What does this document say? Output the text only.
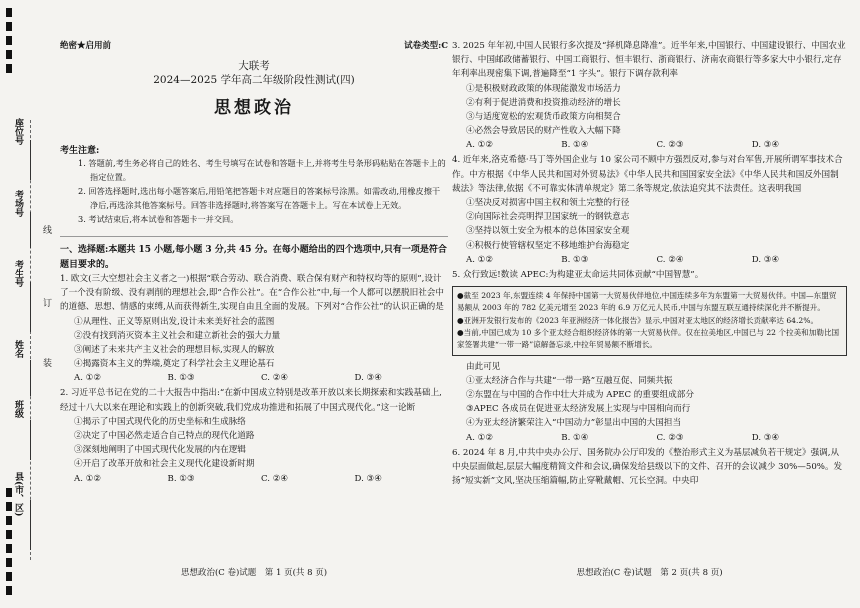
座位号
考场号
考生号
姓名
班级
县(市、区)
线
订
装
绝密★启用前	试卷类型:C
大联考
2024—2025 学年高二年级阶段性测试(四)
思想政治
考生注意:
1. 答题前,考生务必将自己的姓名、考生号填写在试卷和答题卡上,并将考生号条形码粘贴在答题卡上的指定位置。
2. 回答选择题时,选出每小题答案后,用铅笔把答题卡对应题目的答案标号涂黑。如需改动,用橡皮擦干净后,再选涂其他答案标号。回答非选择题时,将答案写在答题卡上。写在本试卷上无效。
3. 考试结束后,将本试卷和答题卡一并交回。
一、选择题:本题共 15 小题,每小题 3 分,共 45 分。在每小题给出的四个选项中,只有一项是符合题目要求的。
1. 欧文(三大空想社会主义者之一)根据“联合劳动、联合消费、联合保有财产和特权均等的原则”,设计了一个没有阶级、没有剥削的理想社会,即“合作公社”。在“合作公社”中,每一个人都可以摆脱旧社会中的道德、思想、情感的束缚,从而获得新生,实现自由且全面的发展。下列对“合作公社”的认识正确的是
①从理性、正义等原则出发,设计未来美好社会的蓝图
②没有找到消灭资本主义社会和建立新社会的强大力量
③阐述了未来共产主义社会的理想目标,实现人的解放
④揭露资本主义的弊端,奠定了科学社会主义理论基石
A. ①②	B. ①③	C. ②④	D. ③④
2. 习近平总书记在党的二十大报告中指出:“在新中国成立特别是改革开放以来长期探索和实践基础上,经过十八大以来在理论和实践上的创新突破,我们党成功推进和拓展了中国式现代化。”这一论断
①揭示了中国式现代化的历史坐标和生成脉络
②决定了中国必然走适合自己特点的现代化道路
③深刻地阐明了中国式现代化发展的内在逻辑
④开启了改革开放和社会主义现代化建设新时期
A. ①②	B. ①③	C. ②④	D. ③④
3. 2025 年年初,中国人民银行多次提及“择机降息降准”。近半年来,中国银行、中国建设银行、中国农业银行、中国邮政储蓄银行、中国工商银行、恒丰银行、浙商银行、济南农商银行等多家大中小银行,定存年利率出现密集下调,普遍降至“1 字头”。银行下调存款利率
①是积极财政政策的体现能激发市场活力
②有利于促进消费和投资推动经济的增长
③与适度宽松的宏观货币政策方向相契合
④必然会导致居民的财产性收入大幅下降
A. ①②	B. ①④	C. ②③	D. ③④
4. 近年来,洛克希德·马丁等外国企业与 10 家公司不顾中方强烈反对,参与对台军售,开展所谓军事技术合作。中方根据《中华人民共和国对外贸易法》《中华人民共和国国家安全法》《中华人民共和国反外国制裁法》等法律,依据《不可靠实体清单规定》第二条等规定,依法追究其不法责任。这表明我国
①坚决反对损害中国主权和领土完整的行径
②向国际社会亮明捍卫国家统一的钢铁意志
③坚持以领土安全为根本的总体国家安全观
④积极行使管辖权坚定不移地维护台海稳定
A. ①②	B. ①③	C. ②④	D. ③④
5. 众行致远!数读 APEC:为构建亚太命运共同体贡献“中国智慧”。

●截至 2023 年,东盟连续 4 年保持中国第一大贸易伙伴地位,中国连续多年为东盟第一大贸易伙伴。中国—东盟贸易额从 2003 年的 782 亿美元增至 2023 年的 6.9 万亿元人民币,中国与东盟互联互通持续深化并不断提升。

●亚洲开发银行发布的《2023 年亚洲经济一体化报告》显示,中国对亚太地区的经济增长贡献率达 64.2%。

●当前,中国已成为 10 多个亚太经合组织经济体的第一大贸易伙伴。仅在拉美地区,中国已与 22 个拉美和加勒比国家签署共建“一带一路”谅解备忘录,中拉年贸易额不断增长。

由此可见
①亚太经济合作与共建“一带一路”互融互促、同频共振
②东盟在与中国的合作中壮大并成为 APEC 的重要组成部分
③APEC 各成员在促进亚太经济发展上实现与中国相向而行
④为亚太经济繁荣注入“中国动力”彰显出中国的大国担当
A. ①②	B. ①④	C. ②③	D. ③④
6. 2024 年 8 月,中共中央办公厅、国务院办公厅印发的《整治形式主义为基层减负若干规定》强调,从中央层面做起,层层大幅度精简文件和会议,确保发给县级以下的文件、召开的会议减少 30%—50%。发扬“短实新”文风,坚决压缩篇幅,防止穿靴戴帽、冗长空洞。中央印
思想政治(C 卷)试题　第 1 页(共 8 页)	思想政治(C 卷)试题　第 2 页(共 8 页)
